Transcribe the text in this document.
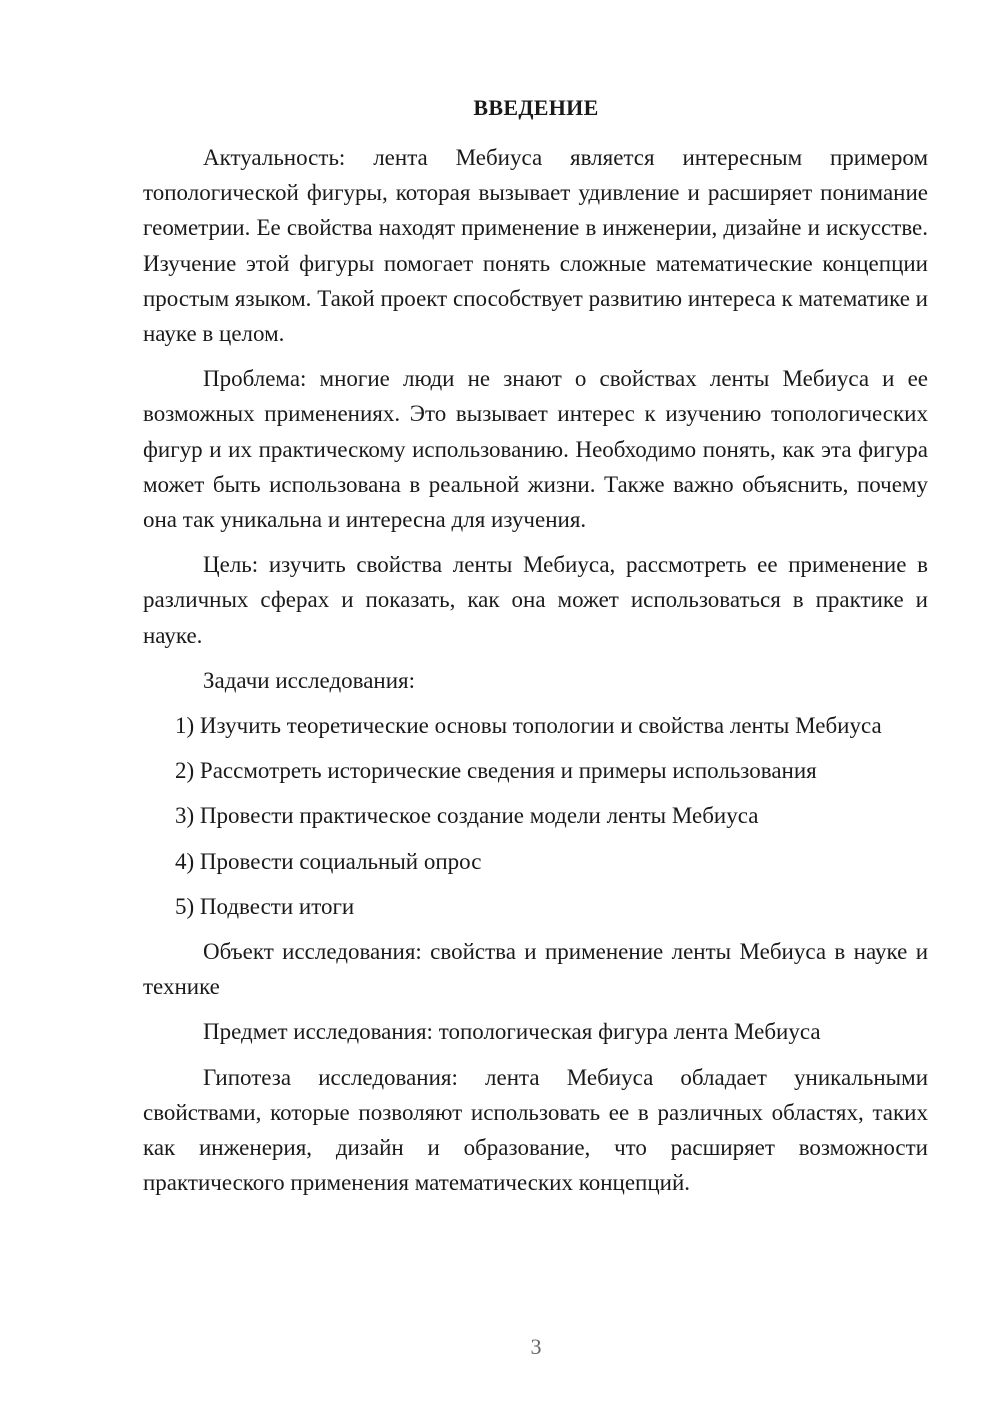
ВВЕДЕНИЕ

Актуальность: лента Мебиуса является интересным примером топологической фигуры, которая вызывает удивление и расширяет понимание геометрии. Ее свойства находят применение в инженерии, дизайне и искусстве. Изучение этой фигуры помогает понять сложные математические концепции простым языком. Такой проект способствует развитию интереса к математике и науке в целом.

Проблема: многие люди не знают о свойствах ленты Мебиуса и ее возможных применениях. Это вызывает интерес к изучению топологических фигур и их практическому использованию. Необходимо понять, как эта фигура может быть использована в реальной жизни. Также важно объяснить, почему она так уникальна и интересна для изучения.

Цель: изучить свойства ленты Мебиуса, рассмотреть ее применение в различных сферах и показать, как она может использоваться в практике и науке.

Задачи исследования:

1) Изучить теоретические основы топологии и свойства ленты Мебиуса

2) Рассмотреть исторические сведения и примеры использования

3) Провести практическое создание модели ленты Мебиуса

4) Провести социальный опрос

5) Подвести итоги

Объект исследования: свойства и применение ленты Мебиуса в науке и технике

Предмет исследования: топологическая фигура лента Мебиуса

Гипотеза исследования: лента Мебиуса обладает уникальными свойствами, которые позволяют использовать ее в различных областях, таких как инженерия, дизайн и образование, что расширяет возможности практического применения математических концепций.

3
